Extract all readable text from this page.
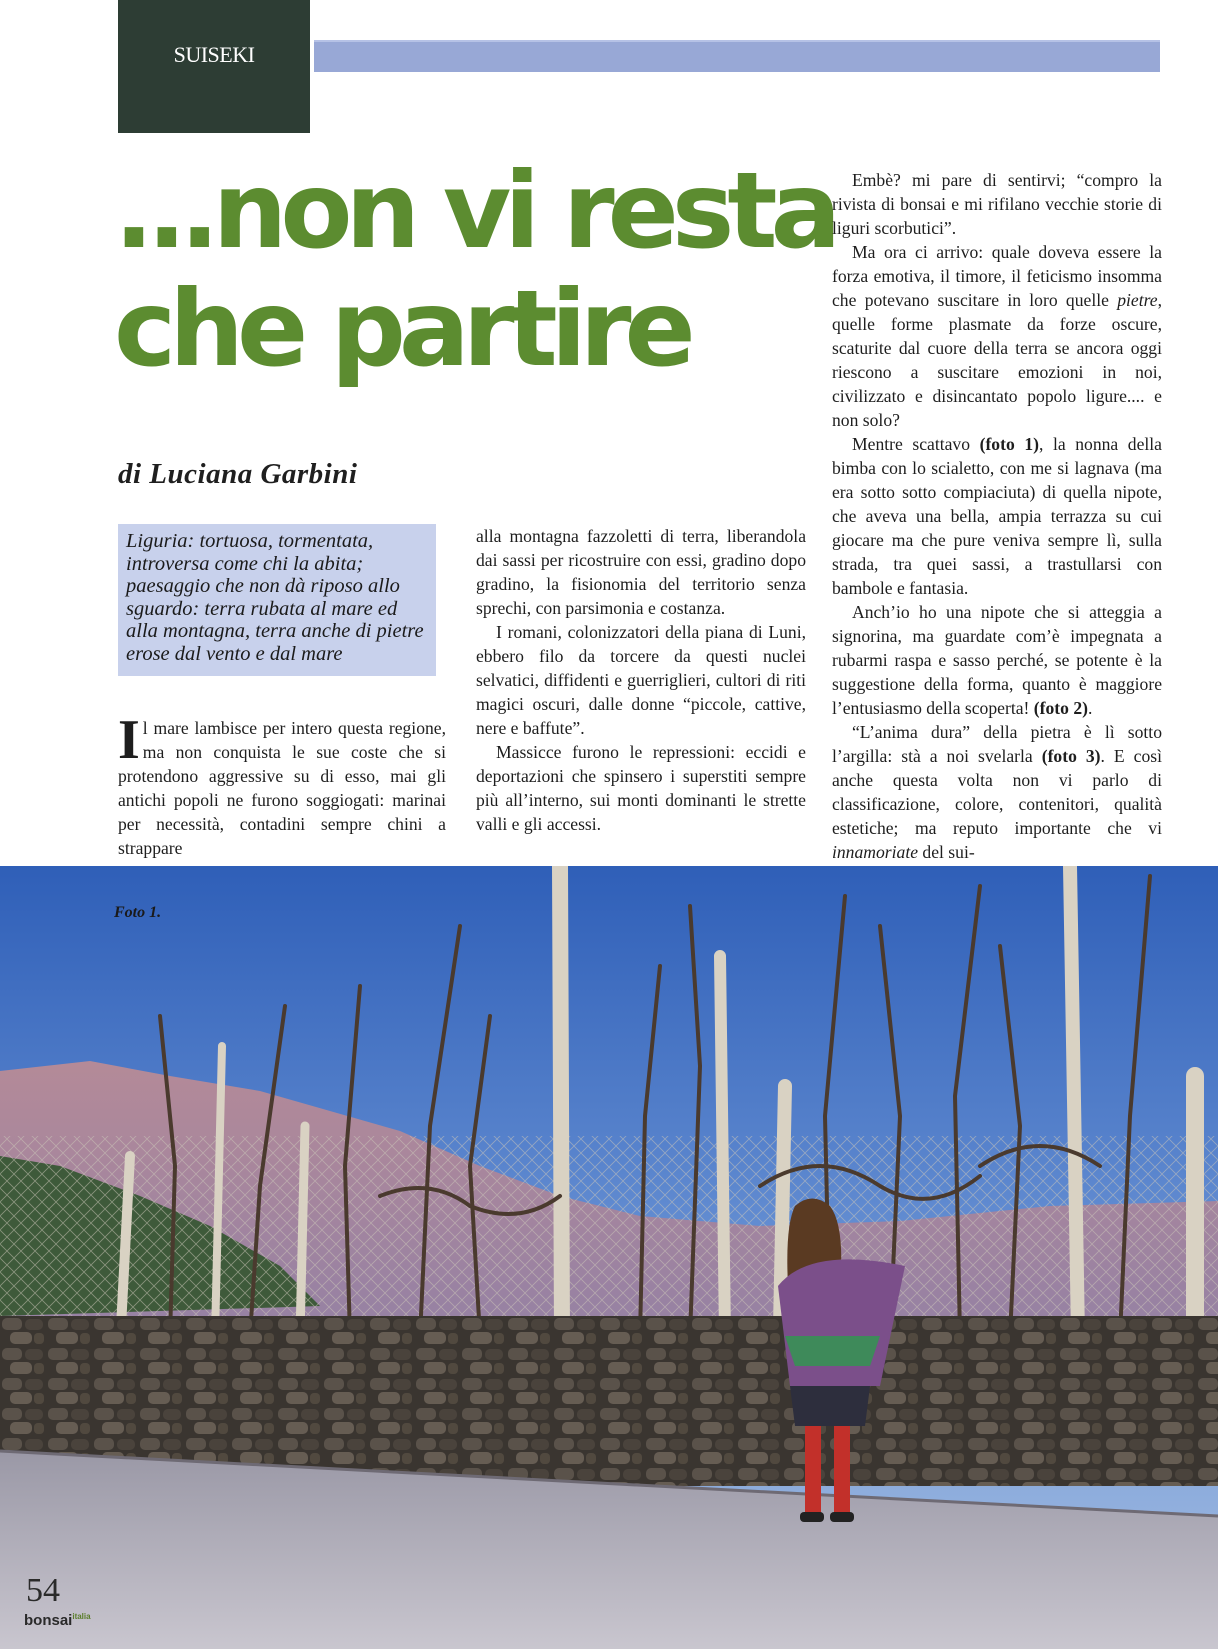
SUISEKI
...non vi resta
che partire
di Luciana Garbini
Liguria: tortuosa, tormentata, introversa come chi la abita; paesaggio che non dà riposo allo sguardo: terra rubata al mare ed alla montagna, terra anche di pietre erose dal vento e dal mare

Il mare lambisce per intero questa regione, ma non conquista le sue coste che si protendono aggressive su di esso, mai gli antichi popoli ne furono soggiogati: marinai per necessità, contadini sempre chini a strappare

alla montagna fazzoletti di terra, liberandola dai sassi per ricostruire con essi, gradino dopo gradino, la fisionomia del territorio senza sprechi, con parsimonia e costanza.

I romani, colonizzatori della piana di Luni, ebbero filo da torcere da questi nuclei selvatici, diffidenti e guerriglieri, cultori di riti magici oscuri, dalle donne “piccole, cattive, nere e baffute”.

Massicce furono le repressioni: eccidi e deportazioni che spinsero i superstiti sempre più all’interno, sui monti dominanti le strette valli e gli accessi.

Embè? mi pare di sentirvi; “compro la rivista di bonsai e mi rifilano vecchie storie di liguri scorbutici”.

Ma ora ci arrivo: quale doveva essere la forza emotiva, il timore, il feticismo insomma che potevano suscitare in loro quelle pietre, quelle forme plasmate da forze oscure, scaturite dal cuore della terra se ancora oggi riescono a suscitare emozioni in noi, civilizzato e disincantato popolo ligure.... e non solo?

Mentre scattavo (foto 1), la nonna della bimba con lo scialetto, con me si lagnava (ma era sotto sotto compiaciuta) di quella nipote, che aveva una bella, ampia terrazza su cui giocare ma che pure veniva sempre lì, sulla strada, tra quei sassi, a trastullarsi con bambole e fantasia.

Anch’io ho una nipote che si atteggia a signorina, ma guardate com’è impegnata a rubarmi raspa e sasso perché, se potente è la suggestione della forma, quanto è maggiore l’entusiasmo della scoperta! (foto 2).

“L’anima dura” della pietra è lì sotto l’argilla: stà a noi svelarla (foto 3). E così anche questa volta non vi parlo di classificazione, colore, contenitori, qualità estetiche; ma reputo importante che vi innamoriate del sui-

Foto 1.
54
bonsai$^{italia}$
